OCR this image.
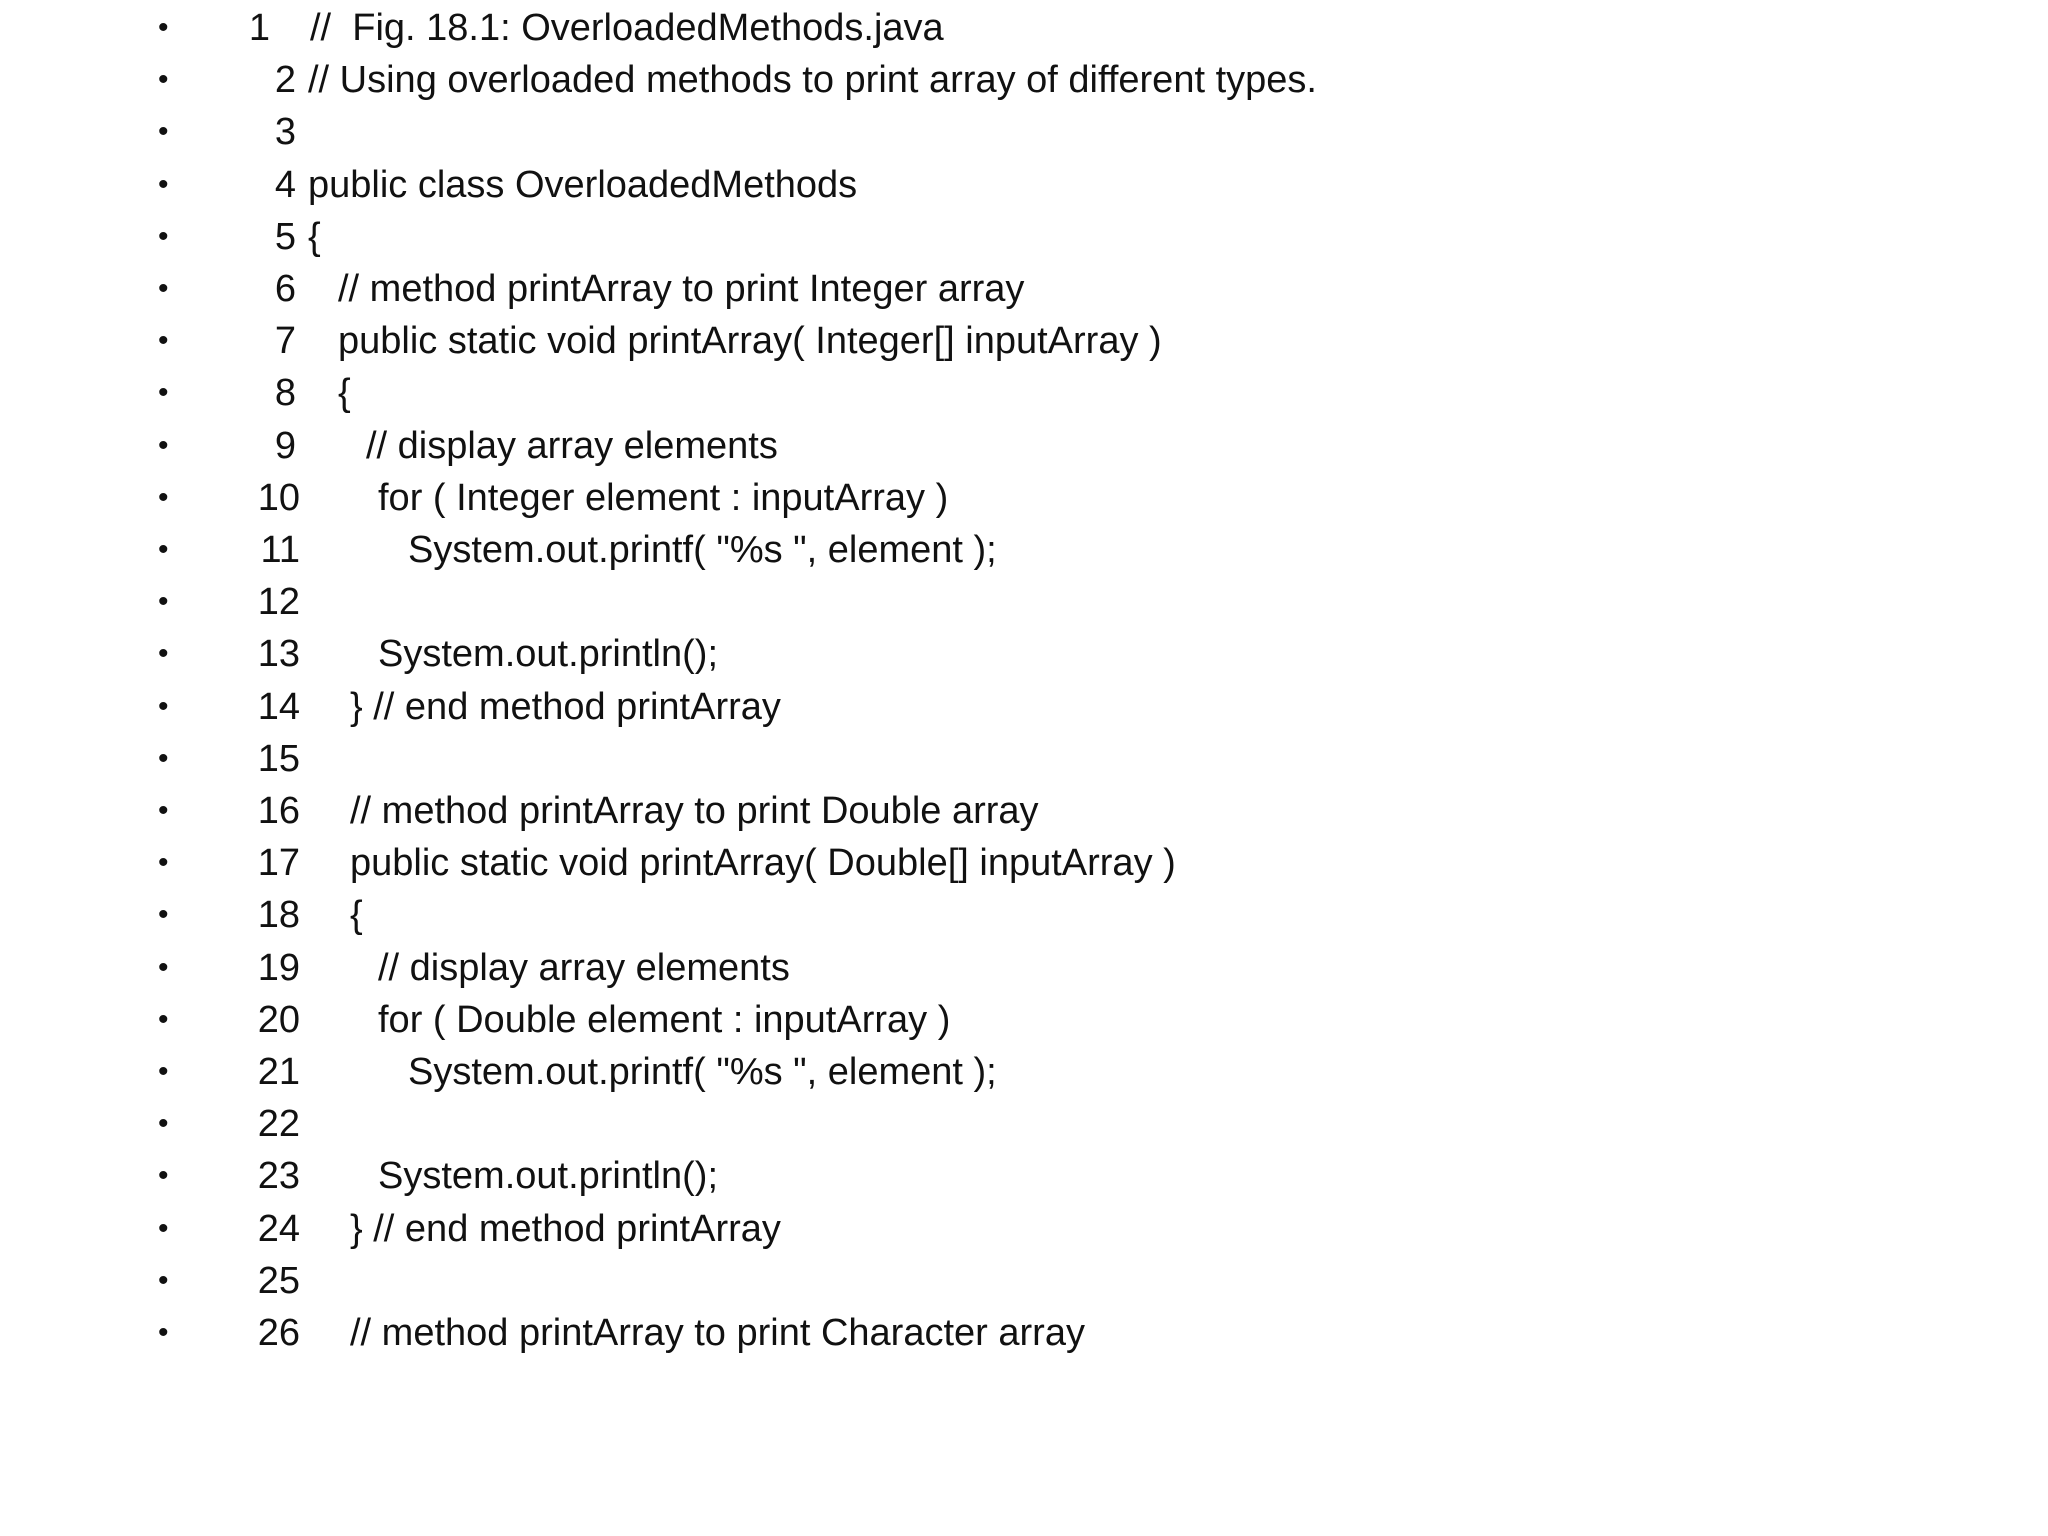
•	1 //  Fig. 18.1: OverloadedMethods.java
•	2 // Using overloaded methods to print array of different types.
•	3
•	4 public class OverloadedMethods
•	5 {
•	6 // method printArray to print Integer array
•	7 public static void printArray( Integer[] inputArray )
•	8 {
•	9 // display array elements
•	10 for ( Integer element : inputArray )
•	11	System.out.printf( "%s ", element );
•	12
•	13 System.out.println();
•	14 } // end method printArray
•	15
•	16 // method printArray to print Double array
•	17 public static void printArray( Double[] inputArray )
•	18 {
•	19 // display array elements
•	20 for ( Double element : inputArray )
•	21	System.out.printf( "%s ", element );
•	22
•	23 System.out.println();
•	24 } // end method printArray
•	25
•	26 // method printArray to print Character array
